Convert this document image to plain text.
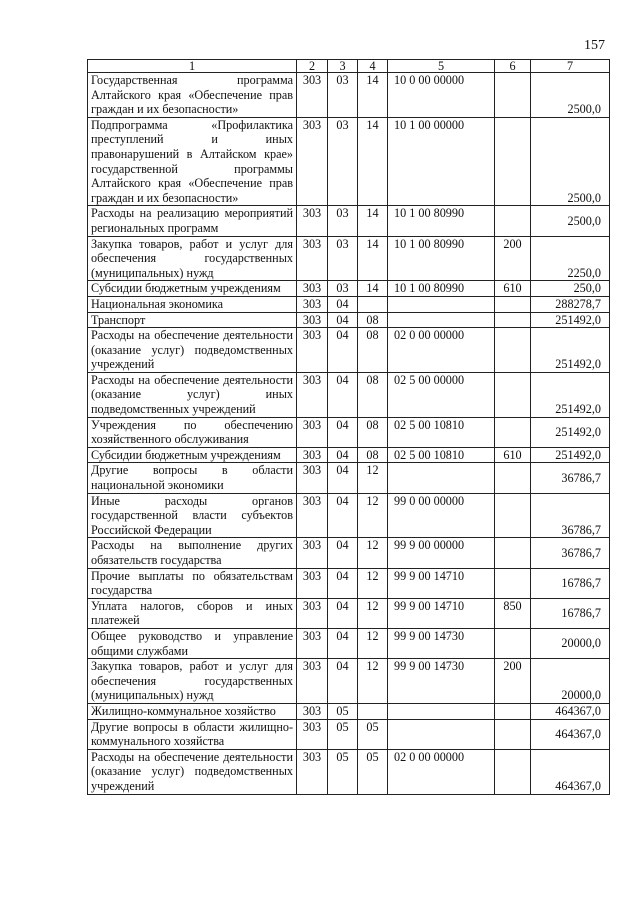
157
1	2	3	4	5	6	7
Государственная программа Алтайского края «Обеспечение прав граждан и их безопасности»	303	03	14	10 0 00 00000		2500,0
Подпрограмма «Профилактика преступлений и иных правонарушений в Алтайском крае» государственной программы Алтайского края «Обеспечение прав граждан и их безопасности»	303	03	14	10 1 00 00000		2500,0
Расходы на реализацию мероприятий региональных программ	303	03	14	10 1 00 80990		2500,0
Закупка товаров, работ и услуг для обеспечения государственных (муниципальных) нужд	303	03	14	10 1 00 80990	200	2250,0
Субсидии бюджетным учреждениям	303	03	14	10 1 00 80990	610	250,0
Национальная экономика	303	04				288278,7
Транспорт	303	04	08			251492,0
Расходы на обеспечение деятельности (оказание услуг) подведомственных учреждений	303	04	08	02 0 00 00000		251492,0
Расходы на обеспечение деятельности (оказание услуг) иных подведомственных учреждений	303	04	08	02 5 00 00000		251492,0
Учреждения по обеспечению хозяйственного обслуживания	303	04	08	02 5 00 10810		251492,0
Субсидии бюджетным учреждениям	303	04	08	02 5 00 10810	610	251492,0
Другие вопросы в области национальной экономики	303	04	12			36786,7
Иные расходы органов государственной власти субъектов Российской Федерации	303	04	12	99 0 00 00000		36786,7
Расходы на выполнение других обязательств государства	303	04	12	99 9 00 00000		36786,7
Прочие выплаты по обязательствам государства	303	04	12	99 9 00 14710		16786,7
Уплата налогов, сборов и иных платежей	303	04	12	99 9 00 14710	850	16786,7
Общее руководство и управление общими службами	303	04	12	99 9 00 14730		20000,0
Закупка товаров, работ и услуг для обеспечения государственных (муниципальных) нужд	303	04	12	99 9 00 14730	200	20000,0
Жилищно-коммунальное хозяйство	303	05				464367,0
Другие вопросы в области жилищно-коммунального хозяйства	303	05	05			464367,0
Расходы на обеспечение деятельности (оказание услуг) подведомственных учреждений	303	05	05	02 0 00 00000		464367,0
